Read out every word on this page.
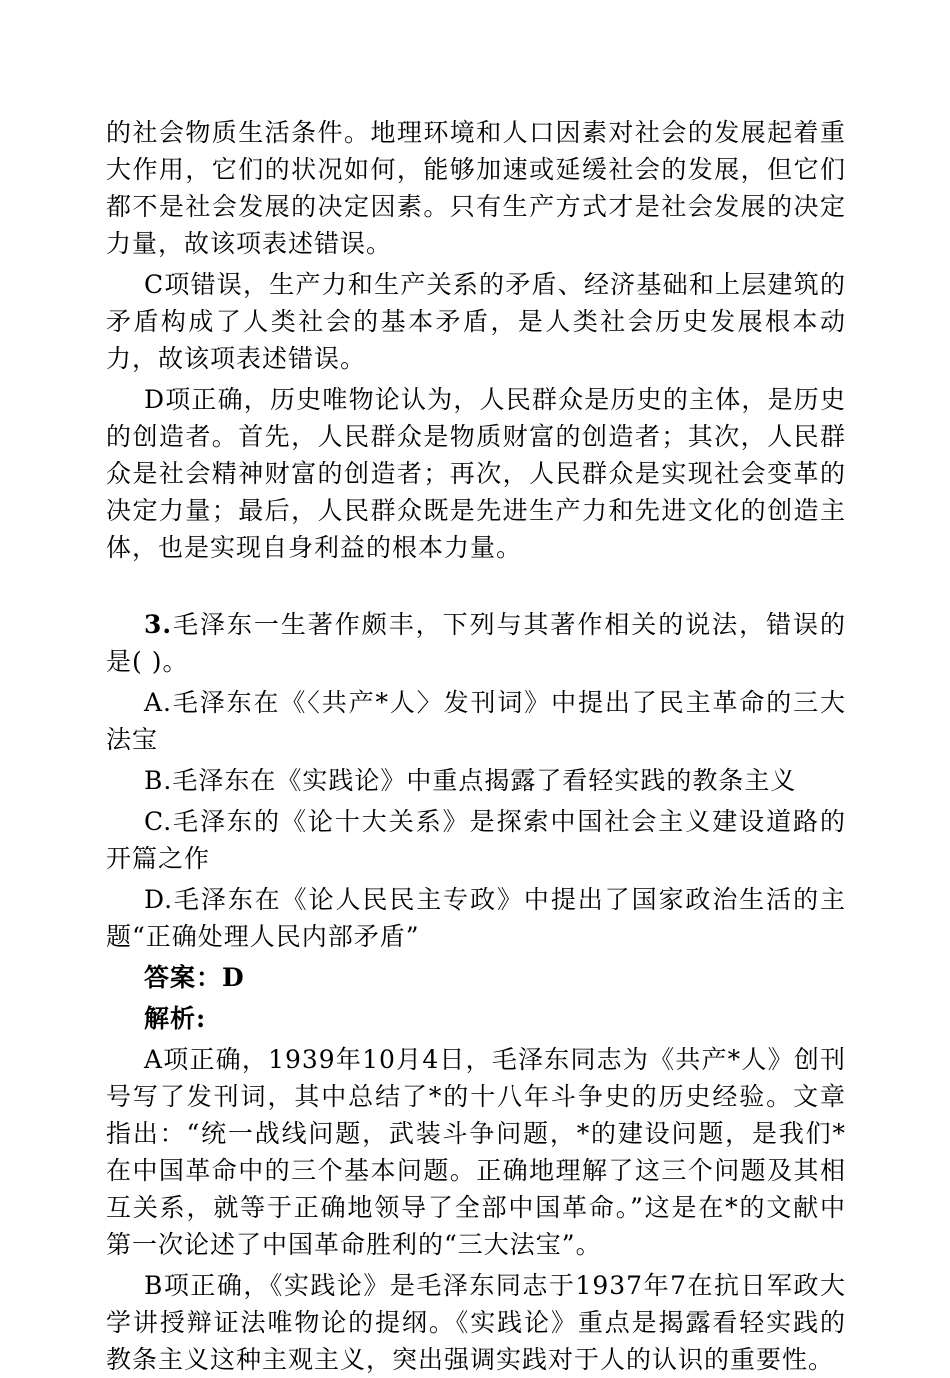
的社会物质生活条件。地理环境和人口因素对社会的发展起着重大作用，它们的状况如何，能够加速或延缓社会的发展，但它们都不是社会发展的决定因素。只有生产方式才是社会发展的决定力量，故该项表述错误。

C项错误，生产力和生产关系的矛盾、经济基础和上层建筑的矛盾构成了人类社会的基本矛盾，是人类社会历史发展根本动力，故该项表述错误。

D项正确，历史唯物论认为，人民群众是历史的主体，是历史的创造者。首先，人民群众是物质财富的创造者；其次，人民群众是社会精神财富的创造者；再次，人民群众是实现社会变革的决定力量；最后，人民群众既是先进生产力和先进文化的创造主体，也是实现自身利益的根本力量。

3.毛泽东一生著作颇丰，下列与其著作相关的说法，错误的是( )。

A.毛泽东在《〈共产*人〉发刊词》中提出了民主革命的三大法宝

B.毛泽东在《实践论》中重点揭露了看轻实践的教条主义

C.毛泽东的《论十大关系》是探索中国社会主义建设道路的开篇之作

D.毛泽东在《论人民民主专政》中提出了国家政治生活的主题“正确处理人民内部矛盾”

答案：D

解析:

A项正确，1939年10月4日，毛泽东同志为《共产*人》创刊号写了发刊词，其中总结了*的十八年斗争史的历史经验。文章指出：“统一战线问题，武装斗争问题，*的建设问题，是我们*在中国革命中的三个基本问题。正确地理解了这三个问题及其相互关系，就等于正确地领导了全部中国革命。”这是在*的文献中第一次论述了中国革命胜利的“三大法宝”。

B项正确，《实践论》是毛泽东同志于1937年7在抗日军政大学讲授辩证法唯物论的提纲。《实践论》重点是揭露看轻实践的教条主义这种主观主义，突出强调实践对于人的认识的重要性。
